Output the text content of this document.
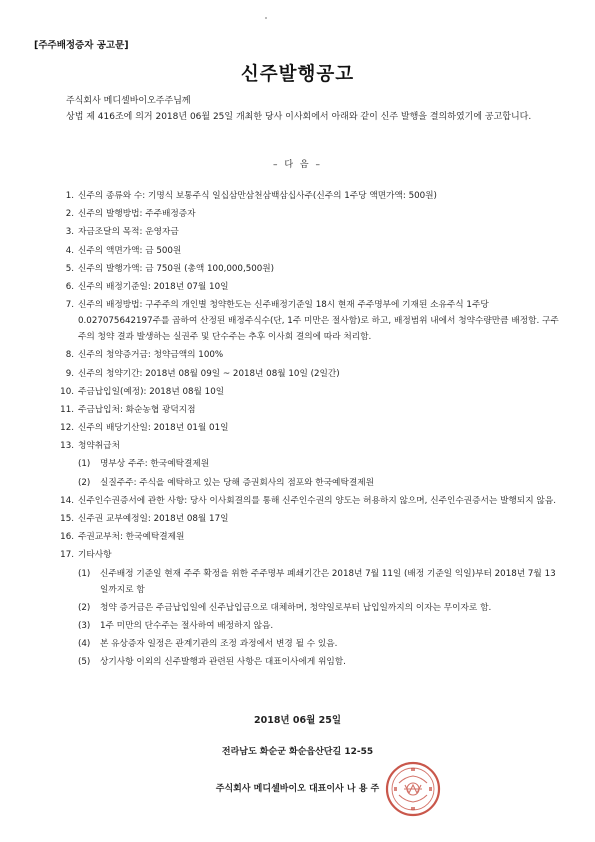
[주주배정증자 공고문]
신주발행공고
주식회사 메디셀바이오주주님께
상법 제 416조에 의거 2018년 06월 25일 개최한 당사 이사회에서 아래와 같이 신주 발행을 결의하였기에 공고합니다.
– 다 음 –
1. 신주의 종류와 수: 기명식 보통주식 일십삼만삼천삼백삼십사주(신주의 1주당 액면가액: 500원)
2. 신주의 발행방법: 주주배정증자
3. 자금조달의 목적: 운영자금
4. 신주의 액면가액: 금 500원
5. 신주의 발행가액: 금 750원 (총액 100,000,500원)
6. 신주의 배정기준일: 2018년 07월 10일
7. 신주의 배정방법: 구주주의 개인별 청약한도는 신주배정기준일 18시 현재 주주명부에 기재된 소유주식 1주당 0.027075642197주를 곱하여 산정된 배정주식수(단, 1주 미만은 절사함)로 하고, 배정범위 내에서 청약수량만큼 배정함. 구주주의 청약 결과 발생하는 실권주 및 단수주는 추후 이사회 결의에 따라 처리함.
8. 신주의 청약증거금: 청약금액의 100%
9. 신주의 청약기간: 2018년 08월 09일 ~ 2018년 08월 10일 (2일간)
10. 주금납입일(예정): 2018년 08월 10일
11. 주금납입처: 화순농협 광덕지점
12. 신주의 배당기산일: 2018년 01월 01일
13. 청약취급처
(1) 명부상 주주: 한국예탁결제원
(2) 실질주주: 주식을 예탁하고 있는 당해 증권회사의 점포와 한국예탁결제원
14. 신주인수권증서에 관한 사항: 당사 이사회결의를 통해 신주인수권의 양도는 허용하지 않으며, 신주인수권증서는 발행되지 않음.
15. 신주권 교부예정일: 2018년 08월 17일
16. 주권교부처: 한국예탁결제원
17. 기타사항
(1) 신주배정 기준일 현재 주주 확정을 위한 주주명부 폐쇄기간은 2018년 7월 11일 (배정 기준일 익일)부터 2018년 7월 13일까지로 함
(2) 청약 증거금은 주금납입일에 신주납입금으로 대체하며, 청약일로부터 납입일까지의 이자는 무이자로 함.
(3) 1주 미만의 단수주는 절사하여 배정하지 않음.
(4) 본 유상증자 일정은 관계기관의 조정 과정에서 변경 될 수 있음.
(5) 상기사항 이외의 신주발행과 관련된 사항은 대표이사에게 위임함.
2018년 06월 25일
전라남도 화순군 화순읍산단길 12-55
주식회사 메디셀바이오 대표이사 나 용 주
